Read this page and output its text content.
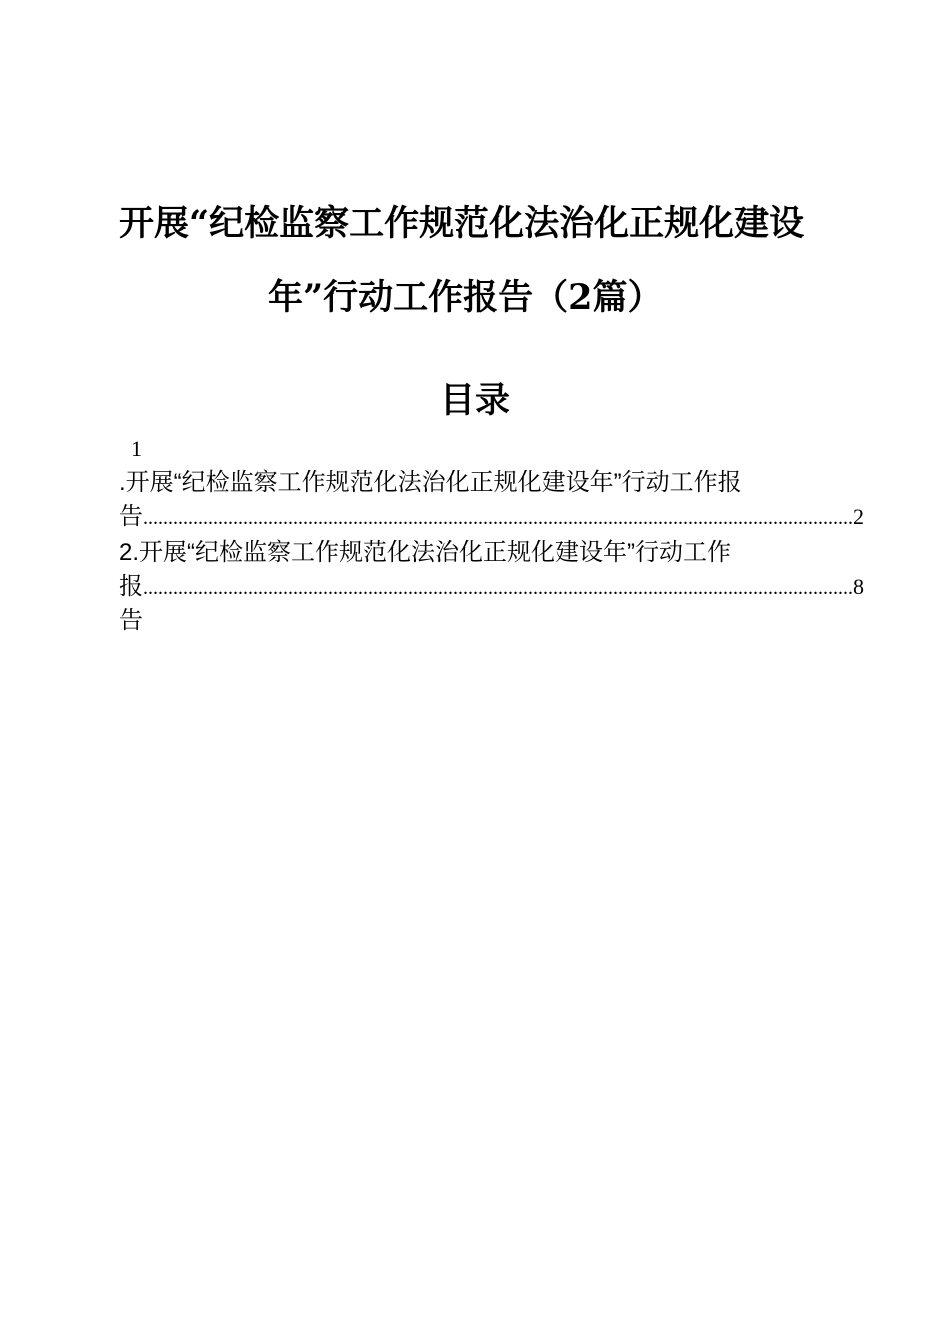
开展“纪检监察工作规范化法治化正规化建设
年”行动工作报告（2篇）
目录
1
.开展“纪检监察工作规范化法治化正规化建设年”行动工作报
告 .............................................................................................................................................. 2
2.开展“纪检监察工作规范化法治化正规化建设年”行动工作
报告
.............................................................................................................................................. 8
